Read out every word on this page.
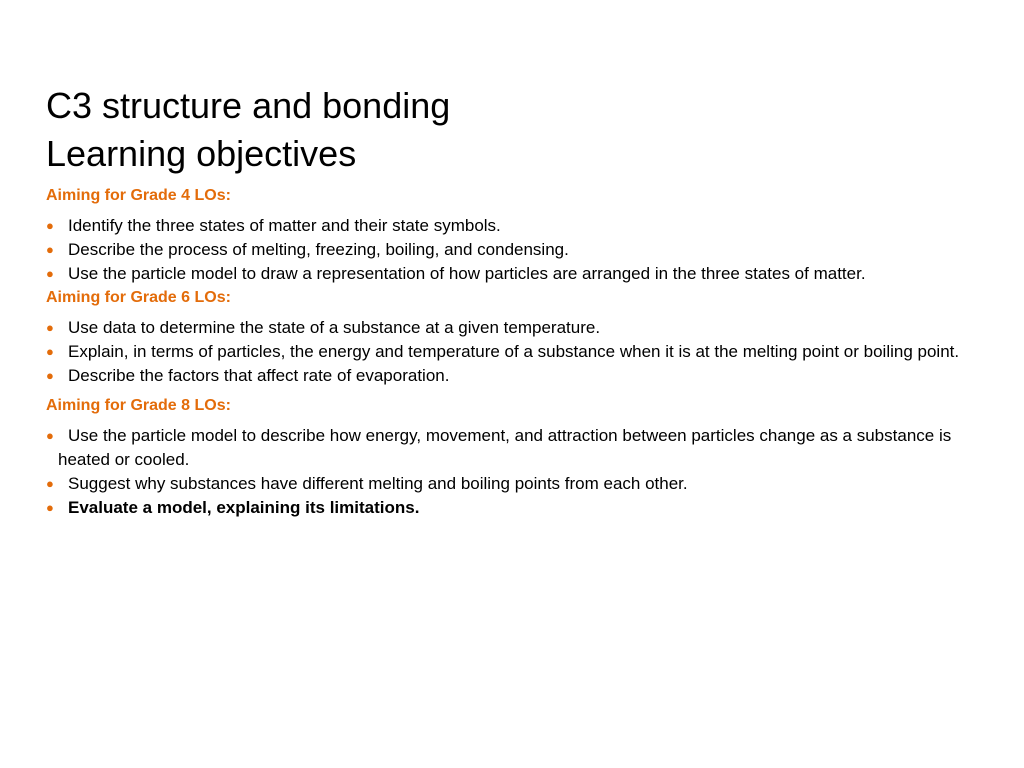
C3 structure and bonding
Learning objectives

Aiming for Grade 4 LOs:

● Identify the three states of matter and their state symbols.
● Describe the process of melting, freezing, boiling, and condensing.
● Use the particle model to draw a representation of how particles are arranged in the three states of matter.

Aiming for Grade 6 LOs:

● Use data to determine the state of a substance at a given temperature.
● Explain, in terms of particles, the energy and temperature of a substance when it is at the melting point or boiling point.
● Describe the factors that affect rate of evaporation.

Aiming for Grade 8 LOs:

● Use the particle model to describe how energy, movement, and attraction between particles change as a substance is heated or cooled.
● Suggest why substances have different melting and boiling points from each other.
● Evaluate a model, explaining its limitations.
